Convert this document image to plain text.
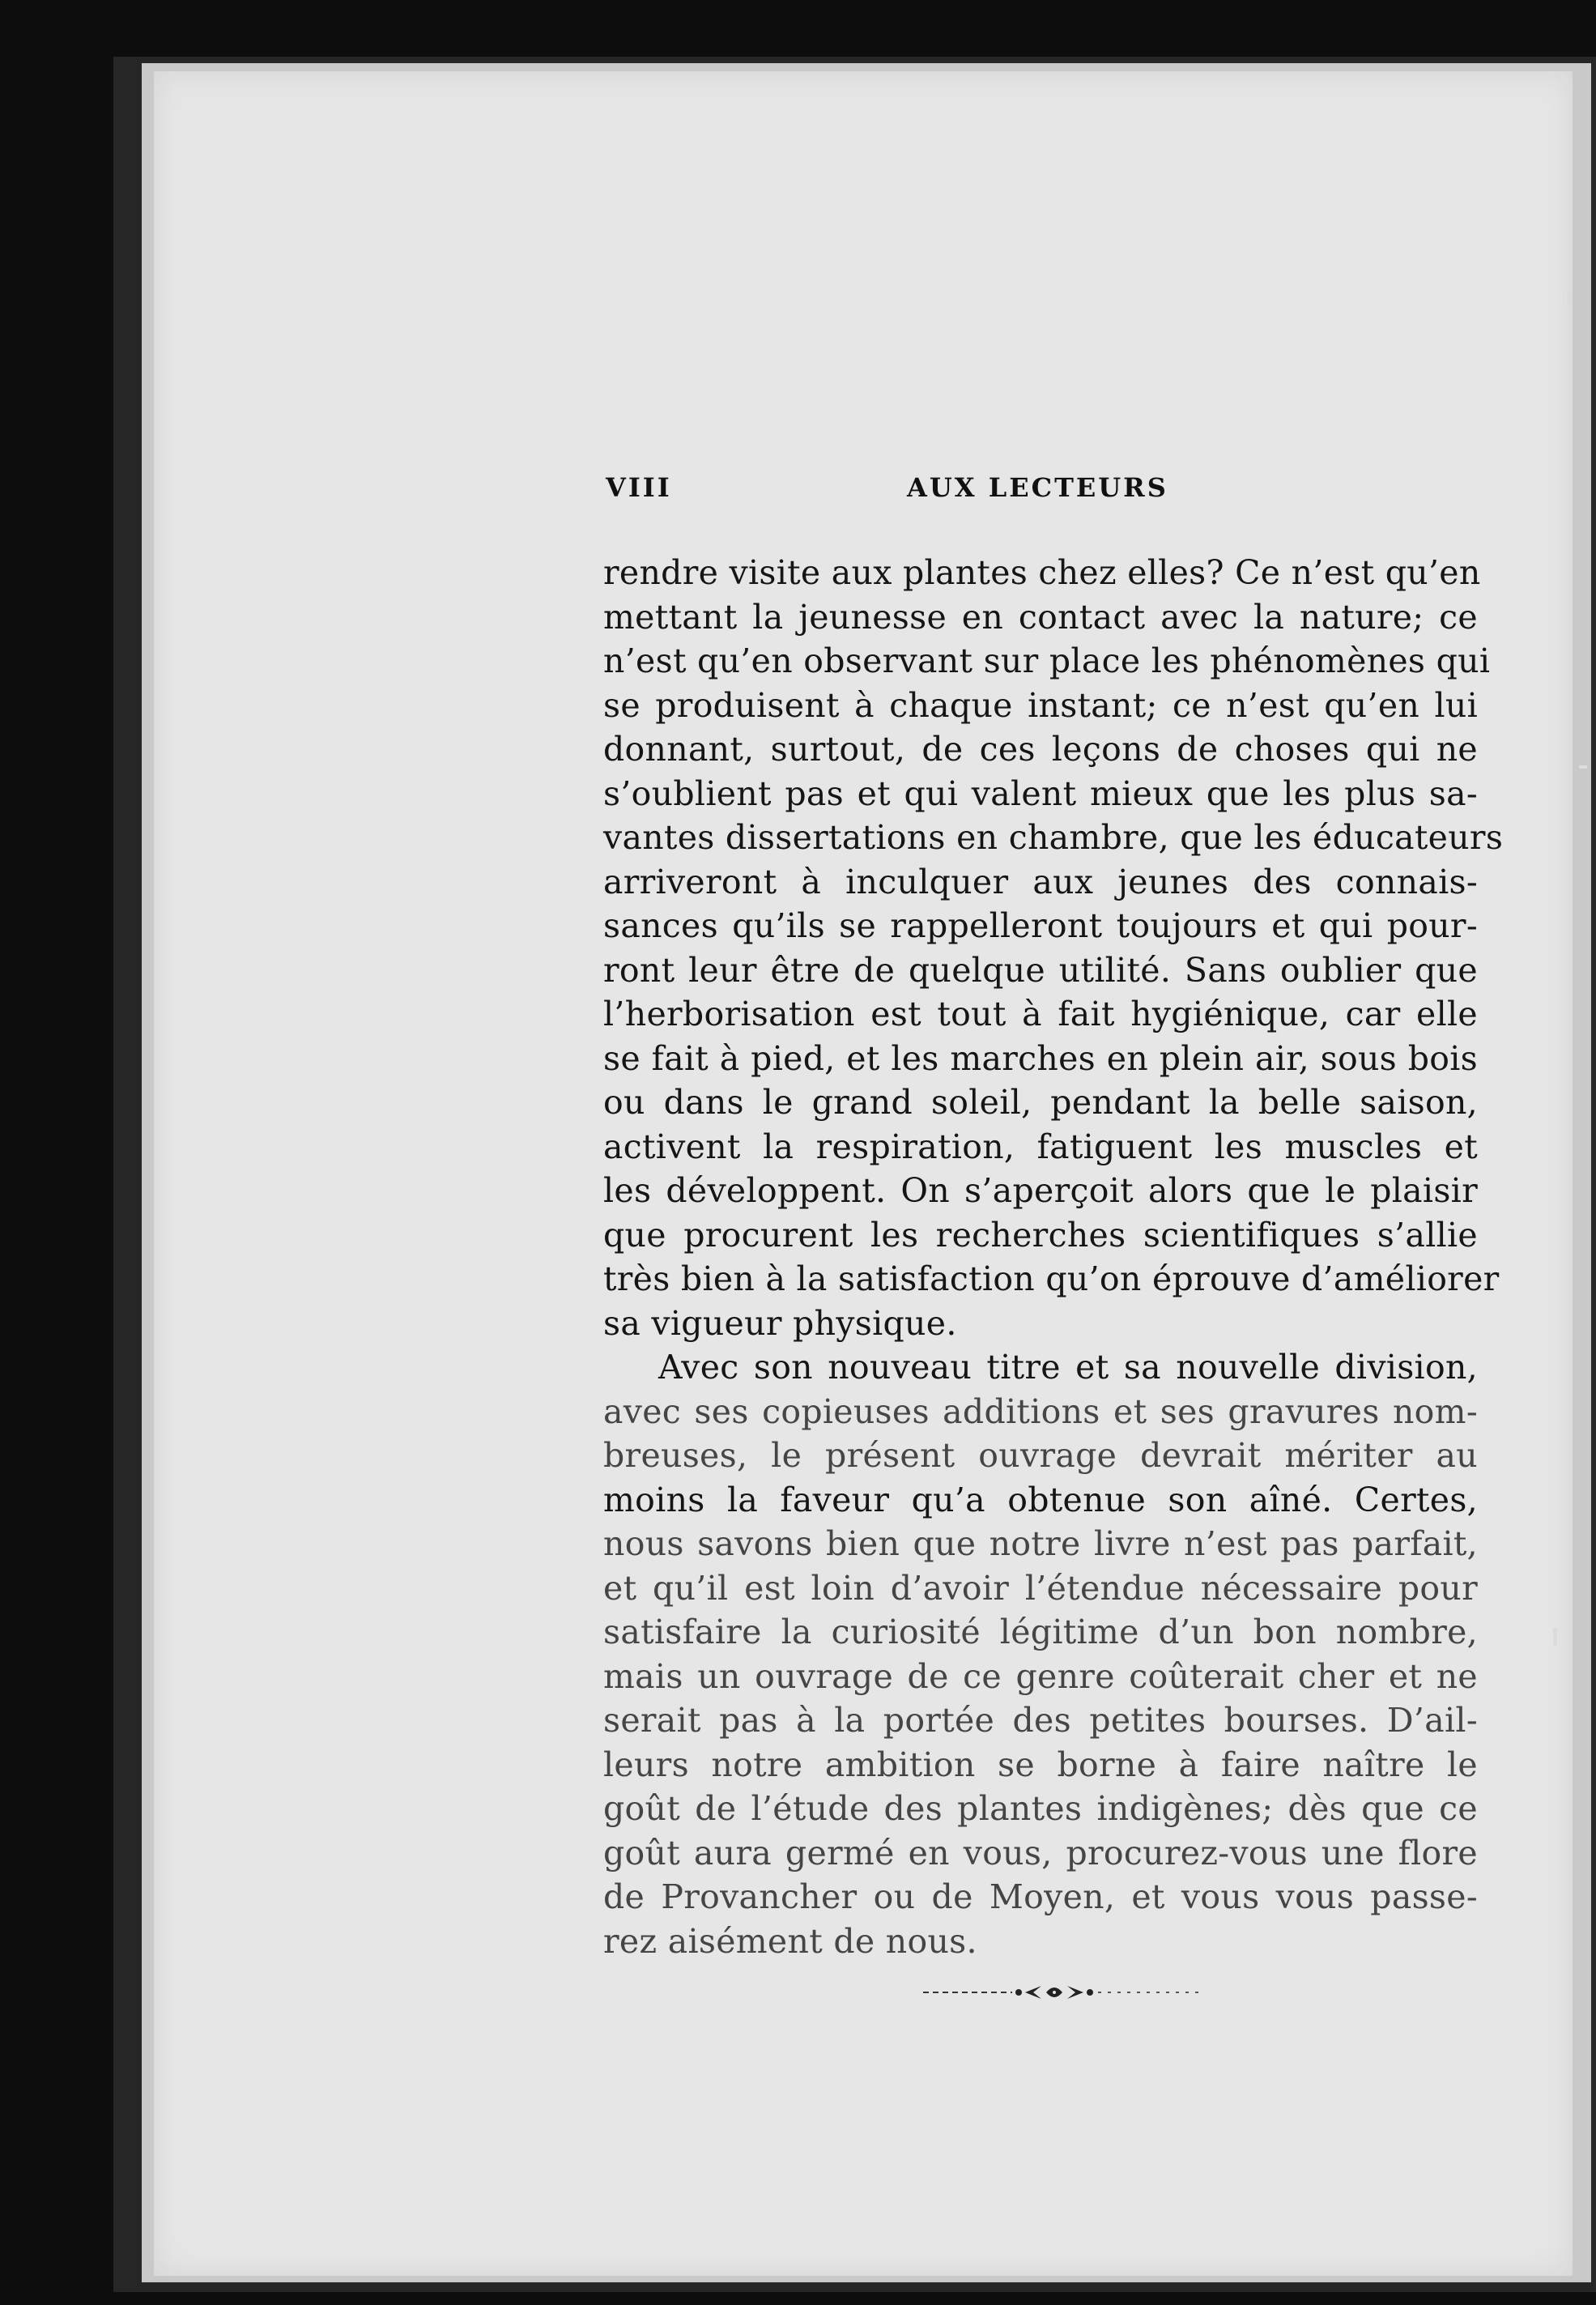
VIII	AUX LECTEURS
rendre visite aux plantes chez elles? Ce n’est qu’en
mettant la jeunesse en contact avec la nature; ce
n’est qu’en observant sur place les phénomènes qui
se produisent à chaque instant; ce n’est qu’en lui
donnant, surtout, de ces leçons de choses qui ne
s’oublient pas et qui valent mieux que les plus sa-
vantes dissertations en chambre, que les éducateurs
arriveront à inculquer aux jeunes des connais-
sances qu’ils se rappelleront toujours et qui pour-
ront leur être de quelque utilité. Sans oublier que
l’herborisation est tout à fait hygiénique, car elle
se fait à pied, et les marches en plein air, sous bois
ou dans le grand soleil, pendant la belle saison,
activent la respiration, fatiguent les muscles et
les développent. On s’aperçoit alors que le plaisir
que procurent les recherches scientifiques s’allie
très bien à la satisfaction qu’on éprouve d’améliorer
sa vigueur physique.
Avec son nouveau titre et sa nouvelle division,
avec ses copieuses additions et ses gravures nom-
breuses, le présent ouvrage devrait mériter au
moins la faveur qu’a obtenue son aîné. Certes,
nous savons bien que notre livre n’est pas parfait,
et qu’il est loin d’avoir l’étendue nécessaire pour
satisfaire la curiosité légitime d’un bon nombre,
mais un ouvrage de ce genre coûterait cher et ne
serait pas à la portée des petites bourses. D’ail-
leurs notre ambition se borne à faire naître le
goût de l’étude des plantes indigènes; dès que ce
goût aura germé en vous, procurez-vous une flore
de Provancher ou de Moyen, et vous vous passe-
rez aisément de nous.
